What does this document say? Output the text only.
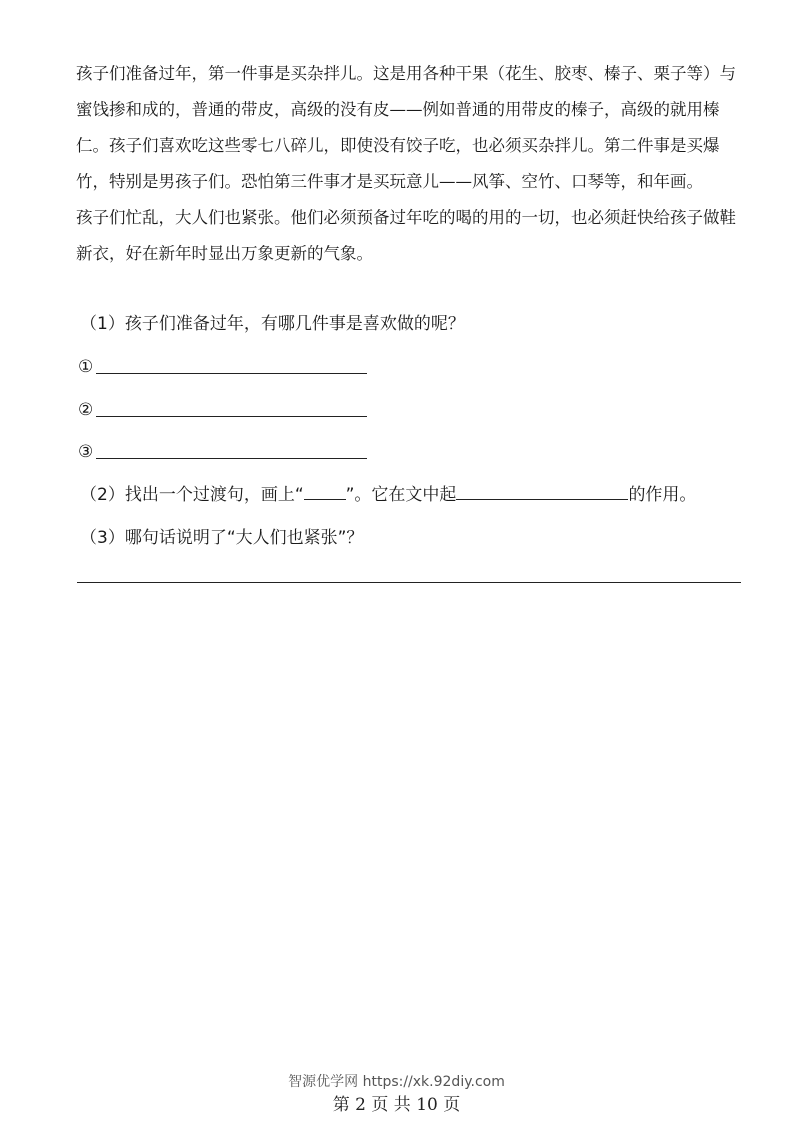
孩子们准备过年，第一件事是买杂拌儿。这是用各种干果（花生、胶枣、榛子、栗子等）与蜜饯掺和成的，普通的带皮，高级的没有皮——例如普通的用带皮的榛子，高级的就用榛仁。孩子们喜欢吃这些零七八碎儿，即使没有饺子吃，也必须买杂拌儿。第二件事是买爆竹，特别是男孩子们。恐怕第三件事才是买玩意儿——风筝、空竹、口琴等，和年画。

孩子们忙乱，大人们也紧张。他们必须预备过年吃的喝的用的一切，也必须赶快给孩子做鞋新衣，好在新年时显出万象更新的气象。

（1）孩子们准备过年，有哪几件事是喜欢做的呢？
①
②
③
（2）找出一个过渡句，画上“ ”。它在文中起	的作用。
（3）哪句话说明了“大人们也紧张”？
智源优学网 https://xk.92diy.com
第 2 页 共 10 页
